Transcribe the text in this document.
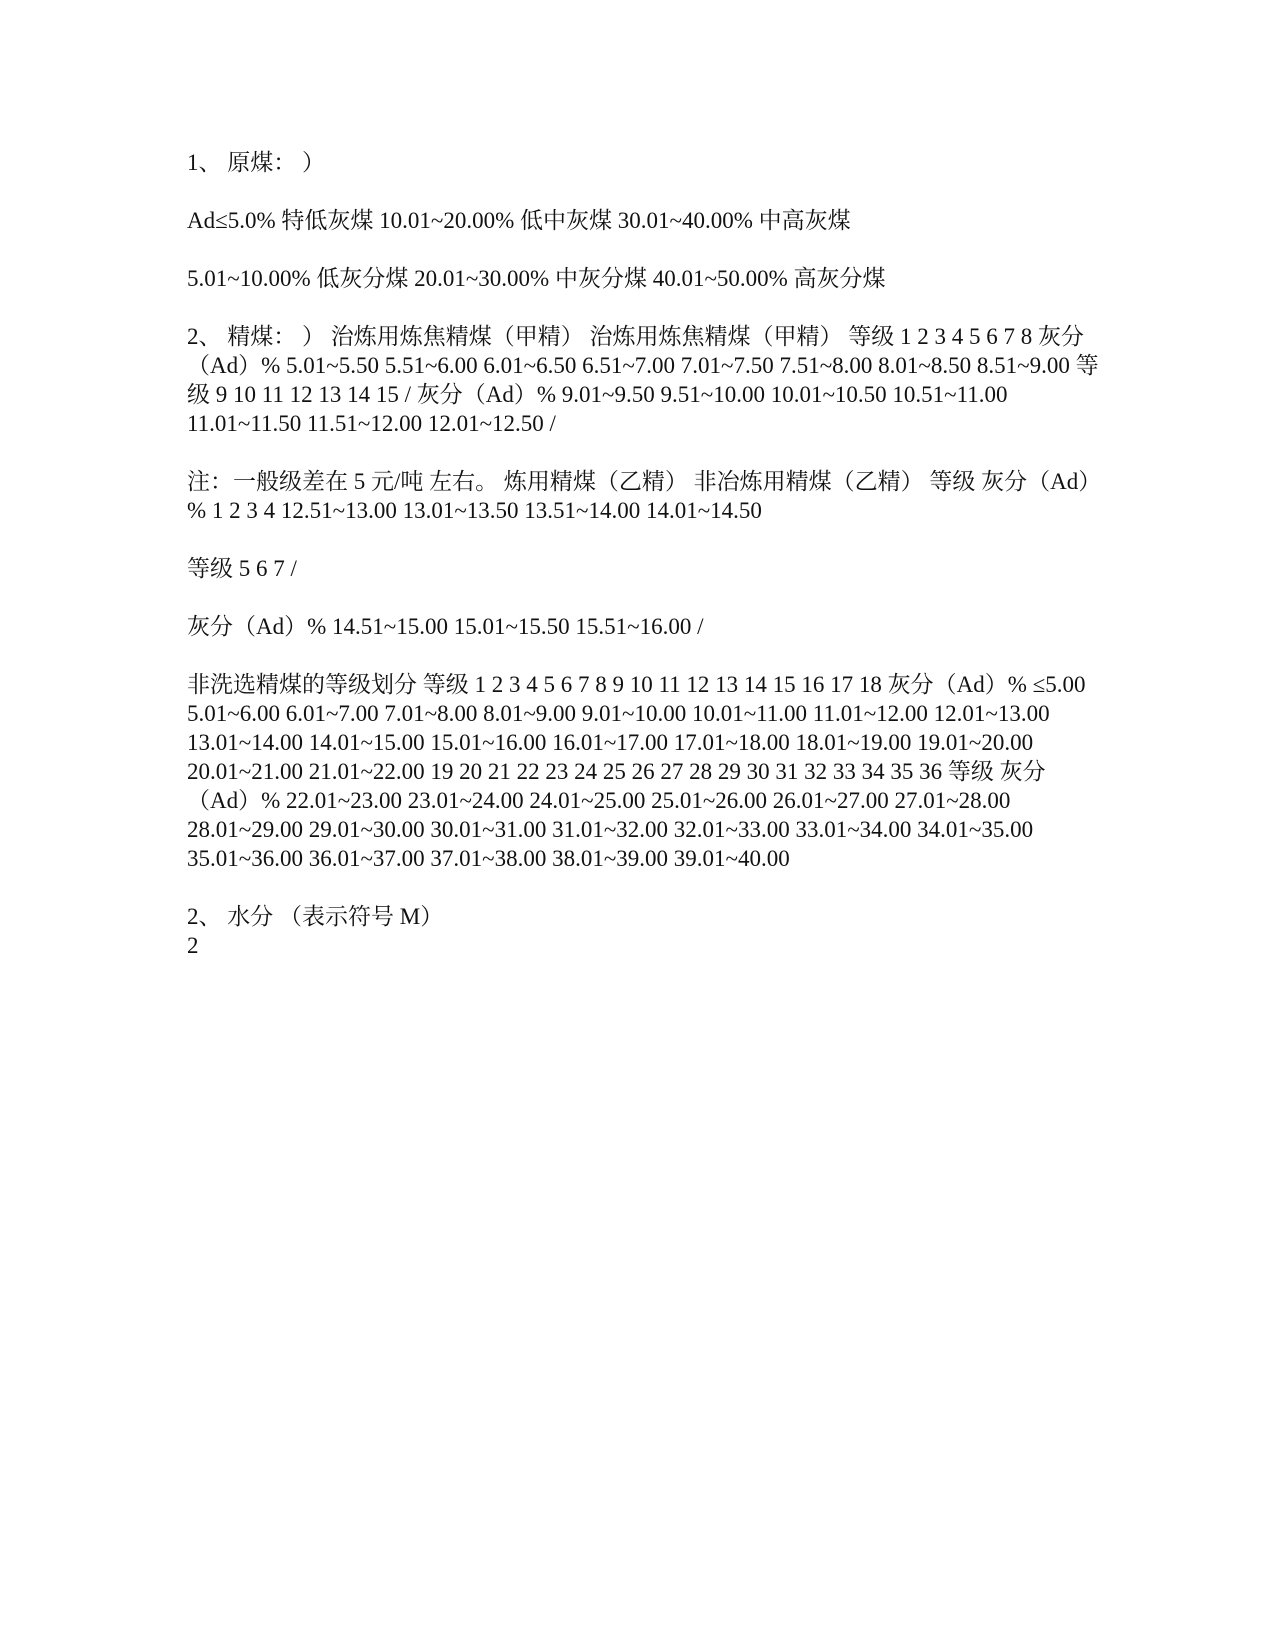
1、 原煤： ）

Ad≤5.0% 特低灰煤 10.01~20.00% 低中灰煤 30.01~40.00% 中高灰煤

5.01~10.00% 低灰分煤 20.01~30.00% 中灰分煤 40.01~50.00% 高灰分煤

2、 精煤： ） 治炼用炼焦精煤（甲精） 治炼用炼焦精煤（甲精） 等级 1 2 3 4 5 6 7 8 灰分（Ad）% 5.01~5.50 5.51~6.00 6.01~6.50 6.51~7.00 7.01~7.50 7.51~8.00 8.01~8.50 8.51~9.00 等级 9 10 11 12 13 14 15 / 灰分（Ad）% 9.01~9.50 9.51~10.00 10.01~10.50 10.51~11.00 11.01~11.50 11.51~12.00 12.01~12.50 /

注：一般级差在 5 元/吨 左右。 炼用精煤（乙精） 非冶炼用精煤（乙精） 等级 灰分（Ad）% 1 2 3 4 12.51~13.00 13.01~13.50 13.51~14.00 14.01~14.50

等级 5 6 7 /

灰分（Ad）% 14.51~15.00 15.01~15.50 15.51~16.00 /

非洗选精煤的等级划分 等级 1 2 3 4 5 6 7 8 9 10 11 12 13 14 15 16 17 18 灰分（Ad）% ≤5.00 5.01~6.00 6.01~7.00 7.01~8.00 8.01~9.00 9.01~10.00 10.01~11.00 11.01~12.00 12.01~13.00 13.01~14.00 14.01~15.00 15.01~16.00 16.01~17.00 17.01~18.00 18.01~19.00 19.01~20.00 20.01~21.00 21.01~22.00 19 20 21 22 23 24 25 26 27 28 29 30 31 32 33 34 35 36 等级 灰分（Ad）% 22.01~23.00 23.01~24.00 24.01~25.00 25.01~26.00 26.01~27.00 27.01~28.00 28.01~29.00 29.01~30.00 30.01~31.00 31.01~32.00 32.01~33.00 33.01~34.00 34.01~35.00 35.01~36.00 36.01~37.00 37.01~38.00 38.01~39.00 39.01~40.00

2、 水分 （表示符号 M）

2
